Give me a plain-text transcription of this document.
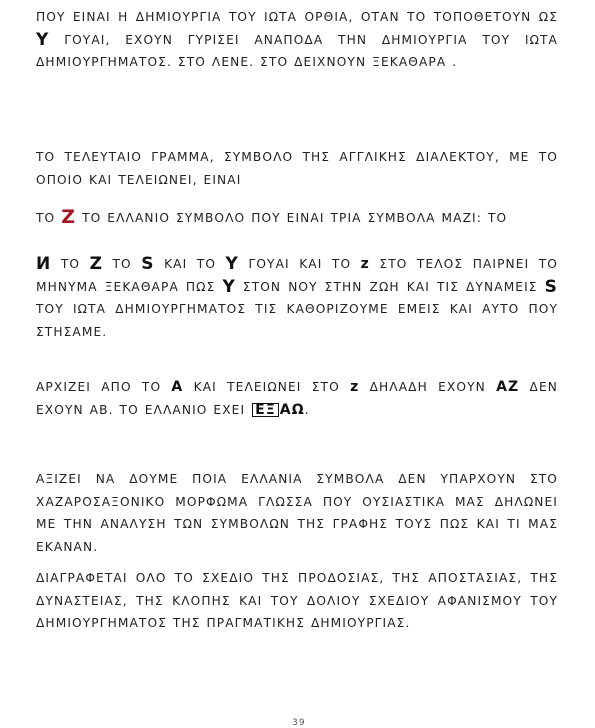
ΠΟΥ ΕΙΝΑΙ Η ΔΗΜΙΟΥΡΓΙΑ ΤΟΥ ΙΩΤΑ ΟΡΘΙΑ, ΟΤΑΝ ΤΟ ΤΟΠΟΘΕΤΟΥΝ ΩΣ Y ΓΟΥΑΙ, ΕΧΟΥΝ ΓΥΡΙΣΕΙ ΑΝΑΠΟΔΑ ΤΗΝ ΔΗΜΙΟΥΡΓΙΑ ΤΟΥ ΙΩΤΑ ΔΗΜΙΟΥΡΓΗΜΑΤΟΣ. ΣΤΟ ΛΕΝΕ. ΣΤΟ ΔΕΙΧΝΟΥΝ ΞΕΚΑΘΑΡΑ .
ΤΟ ΤΕΛΕΥΤΑΙΟ ΓΡΑΜΜΑ, ΣΥΜΒΟΛΟ ΤΗΣ ΑΓΓΛΙΚΗΣ ΔΙΑΛΕΚΤΟΥ, ΜΕ ΤΟ ΟΠΟΙΟ ΚΑΙ ΤΕΛΕΙΩΝΕΙ, ΕΙΝΑΙ
ΤΟ Z ΤΟ ΕΛΛΑΝΙΟ ΣΥΜΒΟΛΟ ΠΟΥ ΕΙΝΑΙ ΤΡΙΑ ΣΥΜΒΟΛΑ ΜΑΖΙ: ΤΟ
И ΤΟ Z ΤΟ S ΚΑΙ ΤΟ Y ΓΟΥΑΙ ΚΑΙ ΤΟ z ΣΤΟ ΤΕΛΟΣ ΠΑΙΡΝΕΙ ΤΟ ΜΗΝΥΜΑ ΞΕΚΑΘΑΡΑ ΠΩΣ Y ΣΤΟΝ ΝΟΥ ΣΤΗΝ ΖΩΗ ΚΑΙ ΤΙΣ ΔΥΝΑΜΕΙΣ S ΤΟΥ ΙΩΤΑ ΔΗΜΙΟΥΡΓΗΜΑΤΟΣ ΤΙΣ ΚΑΘΟΡΙΖΟΥΜΕ ΕΜΕΙΣ ΚΑΙ ΑΥΤΟ ΠΟΥ ΣΤΗΣΑΜΕ.
ΑΡΧΙΖΕΙ ΑΠΟ ΤΟ A ΚΑΙ ΤΕΛΕΙΩΝΕΙ ΣΤΟ z ΔΗΛΑΔΗ ΕΧΟΥΝ AZ ΔΕΝ ΕΧΟΥΝ ΑΒ. ΤΟ ΕΛΛΑΝΙΟ ΕΧΕΙ ΕΞ ΑΩ.
ΑΞΙΖΕΙ ΝΑ ΔΟΥΜΕ ΠΟΙΑ ΕΛΛΑΝΙΑ ΣΥΜΒΟΛΑ ΔΕΝ ΥΠΑΡΧΟΥΝ ΣΤΟ ΧΑΖΑΡΟΣΑΞΟΝΙΚΟ ΜΟΡΦΩΜΑ ΓΛΩΣΣΑ ΠΟΥ ΟΥΣΙΑΣΤΙΚΑ ΜΑΣ ΔΗΛΩΝΕΙ ΜΕ ΤΗΝ ΑΝΑΛΥΣΗ ΤΩΝ ΣΥΜΒΟΛΩΝ ΤΗΣ ΓΡΑΦΗΣ ΤΟΥΣ ΠΩΣ ΚΑΙ ΤΙ ΜΑΣ ΕΚΑΝΑΝ.
ΔΙΑΓΡΑΦΕΤΑΙ ΟΛΟ ΤΟ ΣΧΕΔΙΟ ΤΗΣ ΠΡΟΔΟΣΙΑΣ, ΤΗΣ ΑΠΟΣΤΑΣΙΑΣ, ΤΗΣ ΔΥΝΑΣΤΕΙΑΣ, ΤΗΣ ΚΛΟΠΗΣ ΚΑΙ ΤΟΥ ΔΟΛΙΟΥ ΣΧΕΔΙΟΥ ΑΦΑΝΙΣΜΟΥ ΤΟΥ ΔΗΜΙΟΥΡΓΗΜΑΤΟΣ ΤΗΣ ΠΡΑΓΜΑΤΙΚΗΣ ΔΗΜΙΟΥΡΓΙΑΣ.
39
